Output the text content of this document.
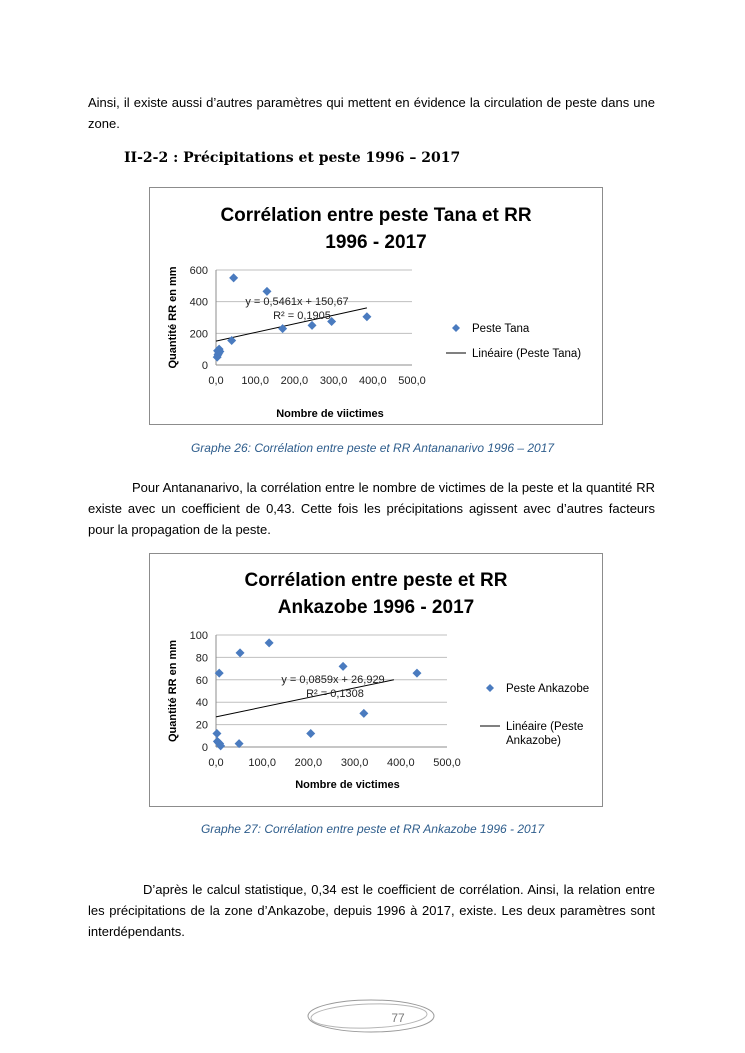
Ainsi, il existe aussi d’autres paramètres qui mettent en évidence la circulation de peste dans une zone.

II-2-2 : Précipitations et peste 1996 – 2017

Corrélation entre peste Tana et RR
1996 - 2017
0
200
400
600
0,0 100,0 200,0 300,0 400,0 500,0
Nombre de viictimes
Quantité RR en mm	y = 0,5461x + 150,67
R² = 0,1905
Peste Tana
Linéaire (Peste Tana)

Graphe 26: Corrélation entre peste et RR Antananarivo 1996 – 2017

Pour Antananarivo, la corrélation entre le nombre de victimes de la peste et la quantité RR existe avec un coefficient de 0,43. Cette fois les précipitations agissent avec d’autres facteurs pour la propagation de la peste.

Corrélation entre peste et RR
Ankazobe 1996 - 2017
0
20
40
60
80
100
0,0 100,0 200,0 300,0 400,0 500,0
Nombre de victimes
Quantité RR en mm	y = 0,0859x + 26,929
R² = 0,1308	Peste Ankazobe
Linéaire (Peste
Ankazobe)

Graphe 27: Corrélation entre peste et RR Ankazobe 1996 - 2017

D’après le calcul statistique, 0,34 est le coefficient de corrélation. Ainsi, la relation entre les précipitations de la zone d’Ankazobe, depuis 1996 à 2017, existe. Les deux paramètres sont interdépendants.

77
